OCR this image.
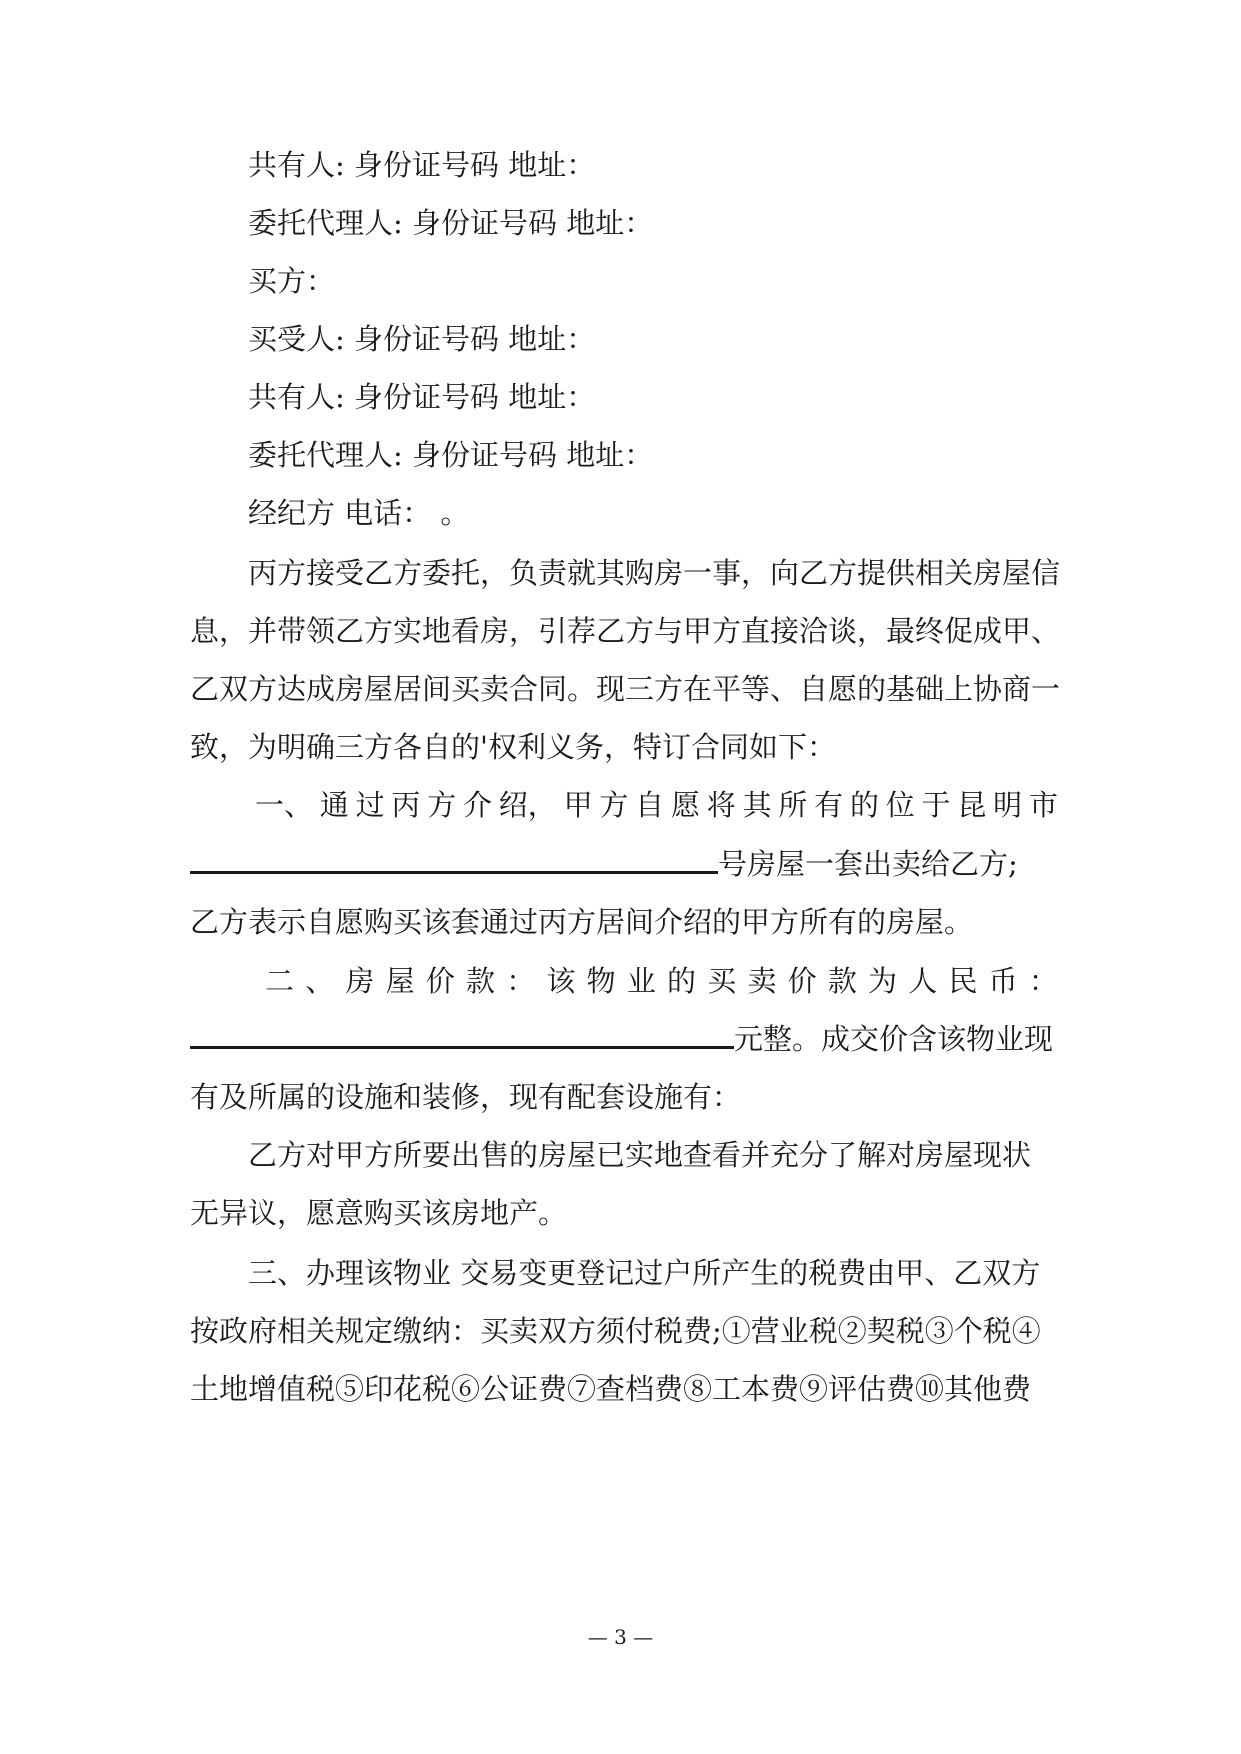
共有人: 身份证号码 地址：

委托代理人: 身份证号码 地址：

买方：

买受人: 身份证号码 地址：

共有人: 身份证号码 地址：

委托代理人: 身份证号码 地址：

经纪方 电话： 。

丙方接受乙方委托，负责就其购房一事，向乙方提供相关房屋信

息，并带领乙方实地看房，引荐乙方与甲方直接洽谈，最终促成甲、

乙双方达成房屋居间买卖合同。现三方在平等、自愿的基础上协商一

致，为明确三方各自的'权利义务，特订合同如下：

一、 通 过 丙 方 介 绍， 甲 方 自 愿 将 其 所 有 的 位 于 昆 明 市

号房屋一套出卖给乙方;

乙方表示自愿购买该套通过丙方居间介绍的甲方所有的房屋。

二 、 房 屋 价 款 ： 该 物 业 的 买 卖 价 款 为 人 民 币 ：

元整。成交价含该物业现

有及所属的设施和装修，现有配套设施有：

乙方对甲方所要出售的房屋已实地查看并充分了解对房屋现状

无异议，愿意购买该房地产。

三、办理该物业 交易变更登记过户所产生的税费由甲、乙双方

按政府相关规定缴纳：买卖双方须付税费;①营业税②契税③个税④

土地增值税⑤印花税⑥公证费⑦查档费⑧工本费⑨评估费⑩其他费

— 3 —
